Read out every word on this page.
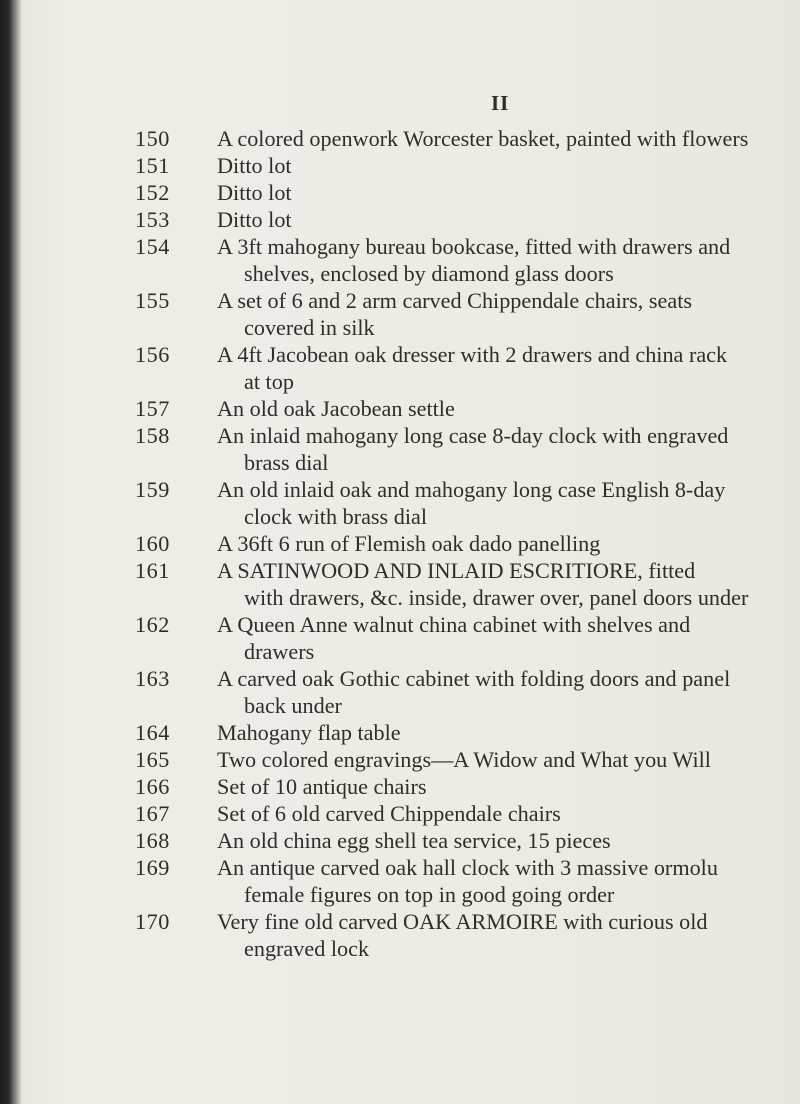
II
150	A colored openwork Worcester basket, painted with flowers
151	Ditto lot
152	Ditto lot
153	Ditto lot
154	A 3ft mahogany bureau bookcase, fitted with drawers and
shelves, enclosed by diamond glass doors
155	A set of 6 and 2 arm carved Chippendale chairs, seats
covered in silk
156	A 4ft Jacobean oak dresser with 2 drawers and china rack
at top
157	An old oak Jacobean settle
158	An inlaid mahogany long case 8-day clock with engraved
brass dial
159	An old inlaid oak and mahogany long case English 8-day
clock with brass dial
160	A 36ft 6 run of Flemish oak dado panelling
161	A SATINWOOD AND INLAID ESCRITIORE, fitted
with drawers, &c. inside, drawer over, panel doors under
162	A Queen Anne walnut china cabinet with shelves and
drawers
163	A carved oak Gothic cabinet with folding doors and panel
back under
164	Mahogany flap table
165	Two colored engravings—A Widow and What you Will
166	Set of 10 antique chairs
167	Set of 6 old carved Chippendale chairs
168	An old china egg shell tea service, 15 pieces
169	An antique carved oak hall clock with 3 massive ormolu
female figures on top in good going order
170	Very fine old carved OAK ARMOIRE with curious old
engraved lock
